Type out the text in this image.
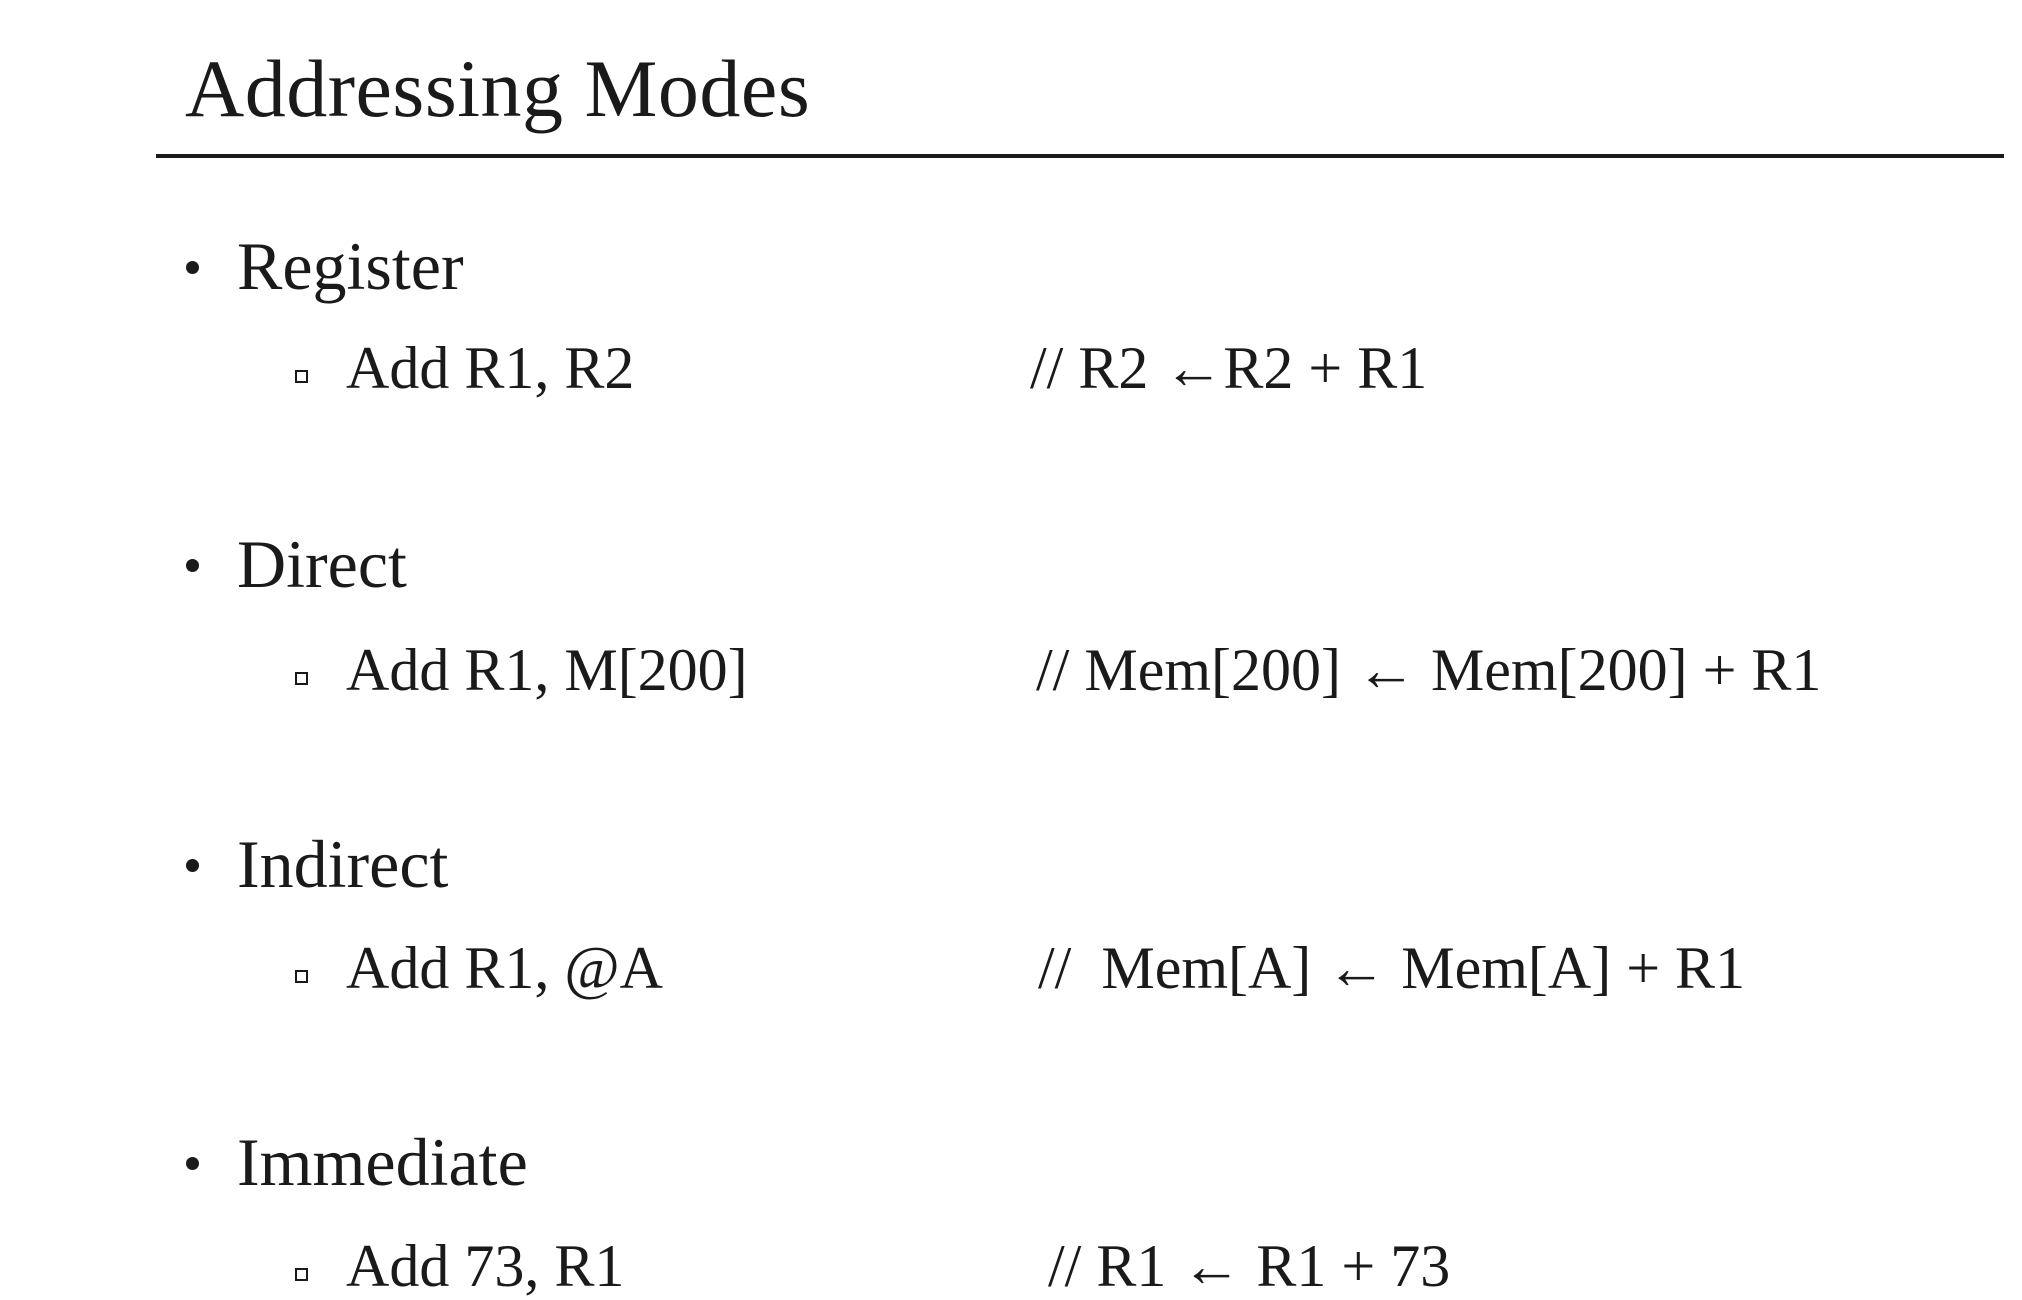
Addressing Modes
Register
Add R1, R2	// R2 ←R2 + R1
Direct
Add R1, M[200]	// Mem[200] ← Mem[200] + R1
Indirect
Add R1, @A	//  Mem[A] ← Mem[A] + R1
Immediate
Add 73, R1	// R1 ← R1 + 73
